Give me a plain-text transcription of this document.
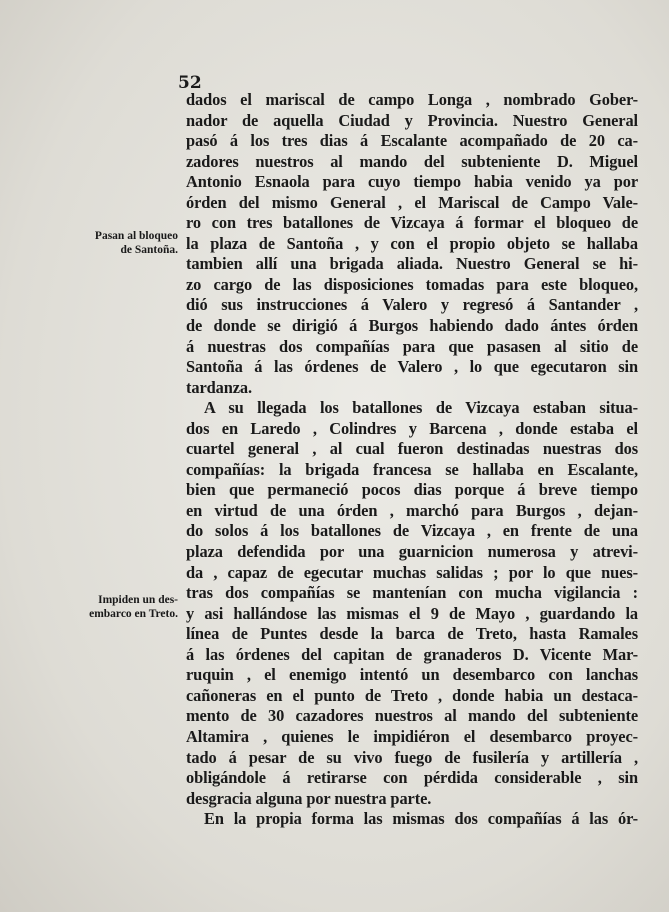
52
Pasan al bloqueo
de Santoña.
Impiden un des-
embarco en Treto.
dados el mariscal de campo Longa , nombrado Gober-
nador de aquella Ciudad y Provincia. Nuestro General
pasó á los tres dias á Escalante acompañado de 20 ca-
zadores nuestros al mando del subteniente D. Miguel
Antonio Esnaola para cuyo tiempo habia venido ya por
órden del mismo General , el Mariscal de Campo Vale-
ro con tres batallones de Vizcaya á formar el bloqueo de
la plaza de Santoña , y con el propio objeto se hallaba
tambien allí una brigada aliada. Nuestro General se hi-
zo cargo de las disposiciones tomadas para este bloqueo,
dió sus instrucciones á Valero y regresó á Santander ,
de donde se dirigió á Burgos habiendo dado ántes órden
á nuestras dos compañías para que pasasen al sitio de
Santoña á las órdenes de Valero , lo que egecutaron sin
tardanza.
A su llegada los batallones de Vizcaya estaban situa-
dos en Laredo , Colindres y Barcena , donde estaba el
cuartel general , al cual fueron destinadas nuestras dos
compañías: la brigada francesa se hallaba en Escalante,
bien que permaneció pocos dias porque á breve tiempo
en virtud de una órden , marchó para Burgos , dejan-
do solos á los batallones de Vizcaya , en frente de una
plaza defendida por una guarnicion numerosa y atrevi-
da , capaz de egecutar muchas salidas ; por lo que nues-
tras dos compañías se mantenían con mucha vigilancia :
y asi hallándose las mismas el 9 de Mayo , guardando la
línea de Puntes desde la barca de Treto, hasta Ramales
á las órdenes del capitan de granaderos D. Vicente Mar-
ruquin , el enemigo intentó un desembarco con lanchas
cañoneras en el punto de Treto , donde habia un destaca-
mento de 30 cazadores nuestros al mando del subteniente
Altamira , quienes le impidiéron el desembarco proyec-
tado á pesar de su vivo fuego de fusilería y artillería ,
obligándole á retirarse con pérdida considerable , sin
desgracia alguna por nuestra parte.
En la propia forma las mismas dos compañías á las ór-
